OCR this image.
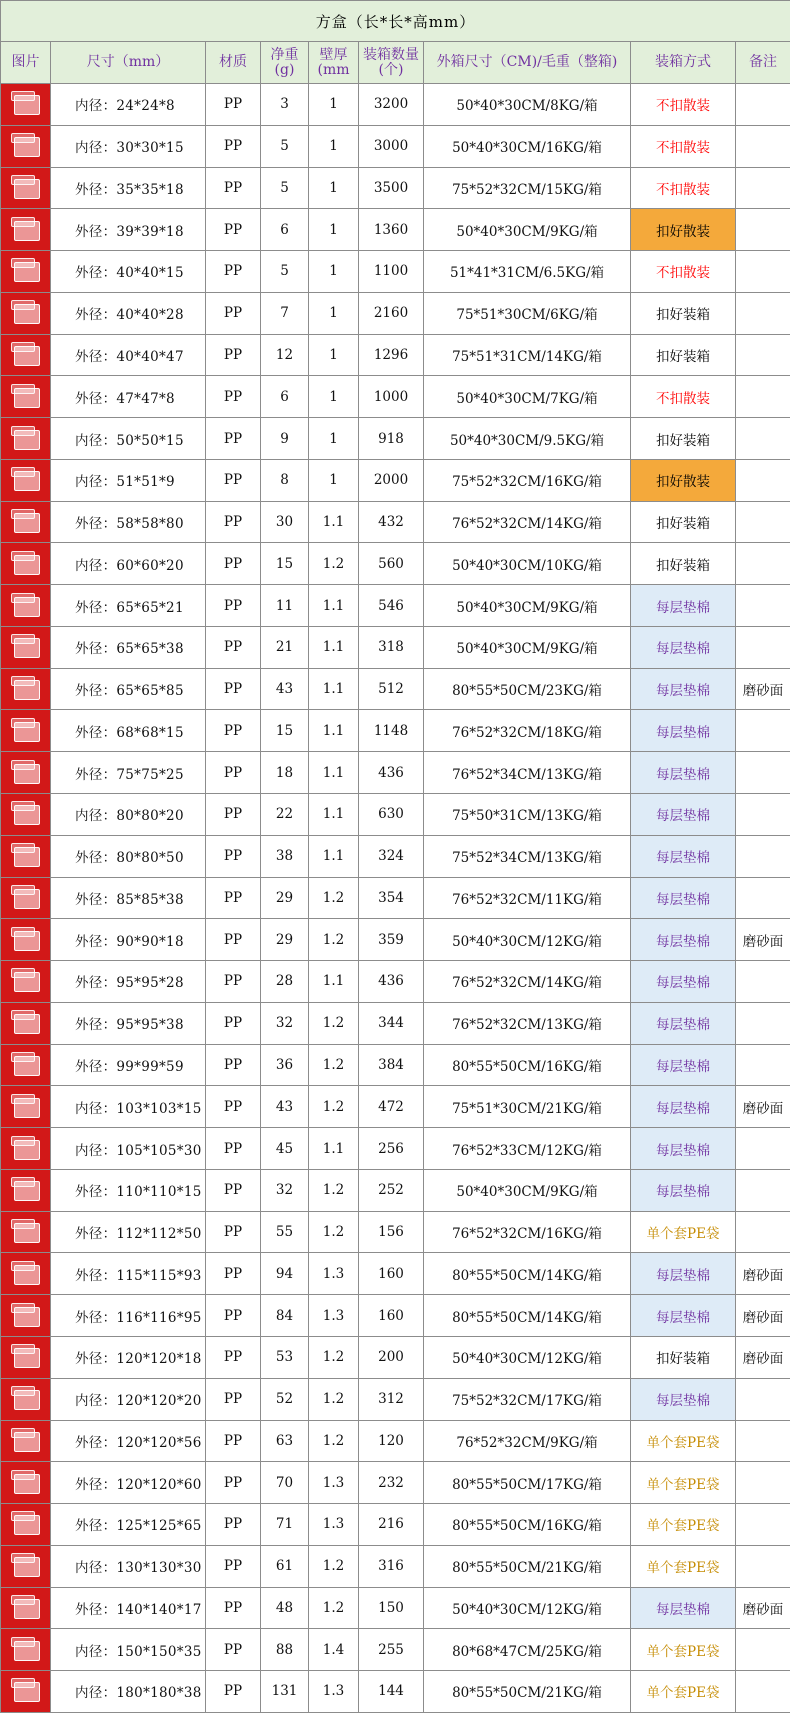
方盒（长*长*高mm）								
图片	尺寸（mm）	材质	净重(g)	壁厚(mm	装箱数量(个)	外箱尺寸（CM)/毛重（整箱)	装箱方式	备注

	内径：24*24*8	PP	3	1	3200	50*40*30CM/8KG/箱	不扣散装	

	内径：30*30*15	PP	5	1	3000	50*40*30CM/16KG/箱	不扣散装	

	外径：35*35*18	PP	5	1	3500	75*52*32CM/15KG/箱	不扣散装	

	外径：39*39*18	PP	6	1	1360	50*40*30CM/9KG/箱	扣好散装	

	外径：40*40*15	PP	5	1	1100	51*41*31CM/6.5KG/箱	不扣散装	

	外径：40*40*28	PP	7	1	2160	75*51*30CM/6KG/箱	扣好装箱	

	外径：40*40*47	PP	12	1	1296	75*51*31CM/14KG/箱	扣好装箱	

	外径：47*47*8	PP	6	1	1000	50*40*30CM/7KG/箱	不扣散装	

	内径：50*50*15	PP	9	1	918	50*40*30CM/9.5KG/箱	扣好装箱	

	内径：51*51*9	PP	8	1	2000	75*52*32CM/16KG/箱	扣好散装	

	外径：58*58*80	PP	30	1.1	432	76*52*32CM/14KG/箱	扣好装箱	

	内径：60*60*20	PP	15	1.2	560	50*40*30CM/10KG/箱	扣好装箱	

	外径：65*65*21	PP	11	1.1	546	50*40*30CM/9KG/箱	每层垫棉	

	外径：65*65*38	PP	21	1.1	318	50*40*30CM/9KG/箱	每层垫棉	

	外径：65*65*85	PP	43	1.1	512	80*55*50CM/23KG/箱	每层垫棉	磨砂面

	外径：68*68*15	PP	15	1.1	1148	76*52*32CM/18KG/箱	每层垫棉	

	外径：75*75*25	PP	18	1.1	436	76*52*34CM/13KG/箱	每层垫棉	

	内径：80*80*20	PP	22	1.1	630	75*50*31CM/13KG/箱	每层垫棉	

	外径：80*80*50	PP	38	1.1	324	75*52*34CM/13KG/箱	每层垫棉	

	外径：85*85*38	PP	29	1.2	354	76*52*32CM/11KG/箱	每层垫棉	

	外径：90*90*18	PP	29	1.2	359	50*40*30CM/12KG/箱	每层垫棉	磨砂面

	外径：95*95*28	PP	28	1.1	436	76*52*32CM/14KG/箱	每层垫棉	

	外径：95*95*38	PP	32	1.2	344	76*52*32CM/13KG/箱	每层垫棉	

	外径：99*99*59	PP	36	1.2	384	80*55*50CM/16KG/箱	每层垫棉	

	内径：103*103*15	PP	43	1.2	472	75*51*30CM/21KG/箱	每层垫棉	磨砂面

	内径：105*105*30	PP	45	1.1	256	76*52*33CM/12KG/箱	每层垫棉	

	外径：110*110*15	PP	32	1.2	252	50*40*30CM/9KG/箱	每层垫棉	

	外径：112*112*50	PP	55	1.2	156	76*52*32CM/16KG/箱	单个套PE袋	

	外径：115*115*93	PP	94	1.3	160	80*55*50CM/14KG/箱	每层垫棉	磨砂面

	外径：116*116*95	PP	84	1.3	160	80*55*50CM/14KG/箱	每层垫棉	磨砂面

	外径：120*120*18	PP	53	1.2	200	50*40*30CM/12KG/箱	扣好装箱	磨砂面

	内径：120*120*20	PP	52	1.2	312	75*52*32CM/17KG/箱	每层垫棉	

	外径：120*120*56	PP	63	1.2	120	76*52*32CM/9KG/箱	单个套PE袋	

	外径：120*120*60	PP	70	1.3	232	80*55*50CM/17KG/箱	单个套PE袋	

	外径：125*125*65	PP	71	1.3	216	80*55*50CM/16KG/箱	单个套PE袋	

	内径：130*130*30	PP	61	1.2	316	80*55*50CM/21KG/箱	单个套PE袋	

	外径：140*140*17	PP	48	1.2	150	50*40*30CM/12KG/箱	每层垫棉	磨砂面

	内径：150*150*35	PP	88	1.4	255	80*68*47CM/25KG/箱	单个套PE袋	

	内径：180*180*38	PP	131	1.3	144	80*55*50CM/21KG/箱	单个套PE袋	
